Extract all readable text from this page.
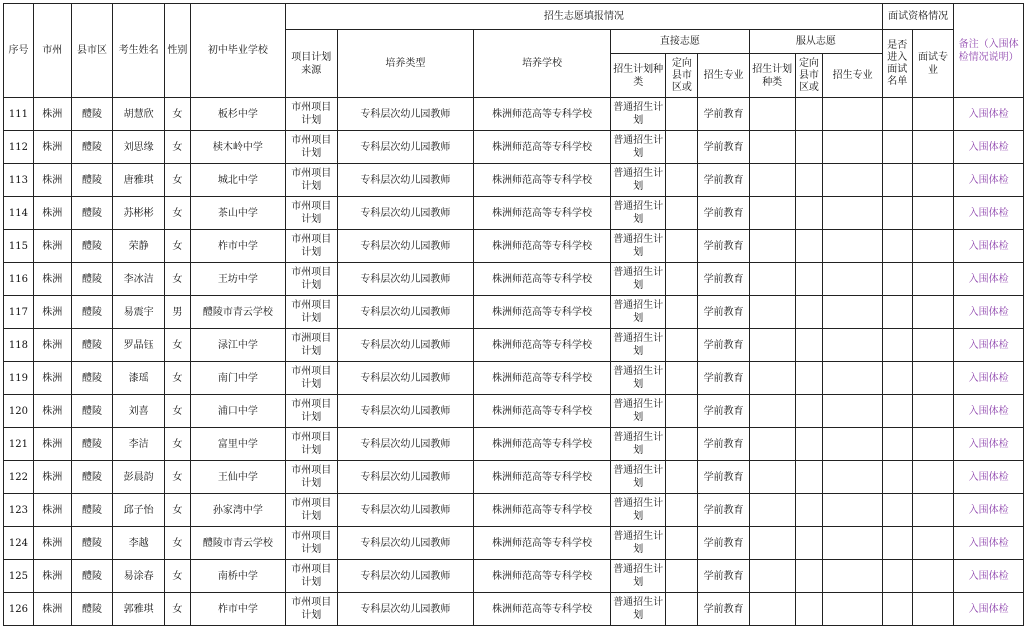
序号	市州	县市区	考生姓名	性别	初中毕业学校	招生志愿填报情况									面试资格情况		备注（入围体检情况说明）
						项目计划来源	培养类型	培养学校	直接志愿			服从志愿			是否进入面试名单	面试专业	
									招生计划种类	定向县市区或	招生专业	招生计划种类	定向县市区或	招生专业			
111	株洲	醴陵	胡慧欣	女	板杉中学	市州项目计划	专科层次幼儿园教师	株洲师范高等专科学校	普通招生计划		学前教育						入围体检
112	株洲	醴陵	刘思缘	女	椟木岭中学	市州项目计划	专科层次幼儿园教师	株洲师范高等专科学校	普通招生计划		学前教育						入围体检
113	株洲	醴陵	唐雅琪	女	城北中学	市州项目计划	专科层次幼儿园教师	株洲师范高等专科学校	普通招生计划		学前教育						入围体检
114	株洲	醴陵	苏彬彬	女	茶山中学	市州项目计划	专科层次幼儿园教师	株洲师范高等专科学校	普通招生计划		学前教育						入围体检
115	株洲	醴陵	荣静	女	柞市中学	市州项目计划	专科层次幼儿园教师	株洲师范高等专科学校	普通招生计划		学前教育						入围体检
116	株洲	醴陵	李冰洁	女	王坊中学	市州项目计划	专科层次幼儿园教师	株洲师范高等专科学校	普通招生计划		学前教育						入围体检
117	株洲	醴陵	易震宇	男	醴陵市青云学校	市州项目计划	专科层次幼儿园教师	株洲师范高等专科学校	普通招生计划		学前教育						入围体检
118	株洲	醴陵	罗晶钰	女	渌江中学	市洲项目计划	专科层次幼儿园教师	株洲师范高等专科学校	普通招生计划		学前教育						入围体检
119	株洲	醴陵	漆瑶	女	南门中学	市州项目计划	专科层次幼儿园教师	株洲师范高等专科学校	普通招生计划		学前教育						入围体检
120	株洲	醴陵	刘喜	女	浦口中学	市州项目计划	专科层次幼儿园教师	株洲师范高等专科学校	普通招生计划		学前教育						入围体检
121	株洲	醴陵	李洁	女	富里中学	市州项目计划	专科层次幼儿园教师	株洲师范高等专科学校	普通招生计划		学前教育						入围体检
122	株洲	醴陵	彭晨韵	女	王仙中学	市州项目计划	专科层次幼儿园教师	株洲师范高等专科学校	普通招生计划		学前教育						入围体检
123	株洲	醴陵	邱子怡	女	孙家湾中学	市州项目计划	专科层次幼儿园教师	株洲师范高等专科学校	普通招生计划		学前教育						入围体检
124	株洲	醴陵	李越	女	醴陵市青云学校	市州项目计划	专科层次幼儿园教师	株洲师范高等专科学校	普通招生计划		学前教育						入围体检
125	株洲	醴陵	易涂春	女	南桥中学	市州项目计划	专科层次幼儿园教师	株洲师范高等专科学校	普通招生计划		学前教育						入围体检
126	株洲	醴陵	郭雅琪	女	柞市中学	市州项目计划	专科层次幼儿园教师	株洲师范高等专科学校	普通招生计划		学前教育						入围体检
